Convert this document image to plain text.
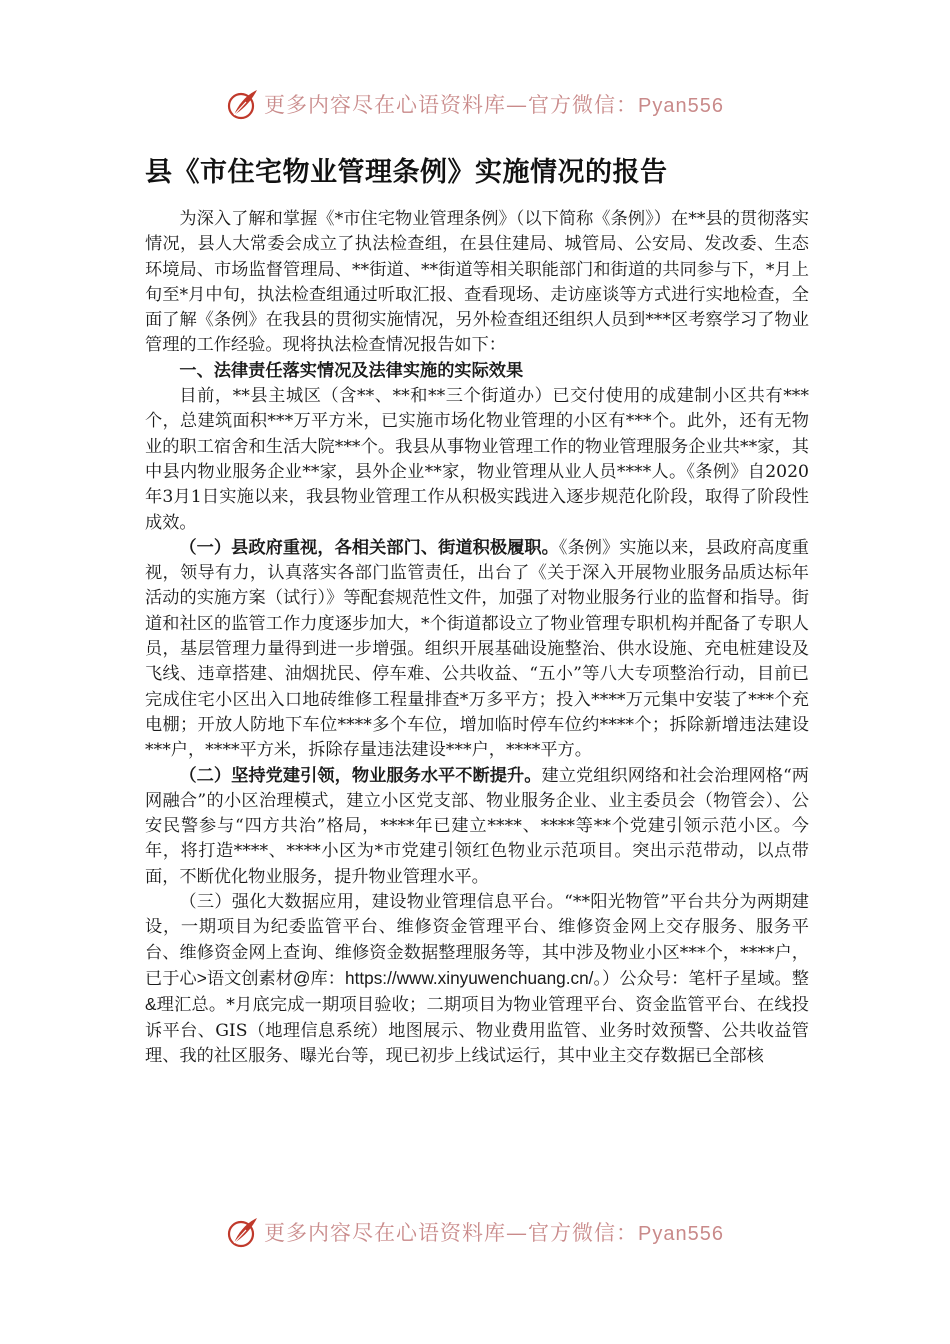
更多内容尽在心语资料库—官方微信：Pyan556
县《市住宅物业管理条例》实施情况的报告

为深入了解和掌握《*市住宅物业管理条例》（以下简称《条例》）在**县的贯彻落实情况，县人大常委会成立了执法检查组，在县住建局、城管局、公安局、发改委、生态环境局、市场监督管理局、**街道、**街道等相关职能部门和街道的共同参与下，*月上旬至*月中旬，执法检查组通过听取汇报、查看现场、走访座谈等方式进行实地检查，全面了解《条例》在我县的贯彻实施情况，另外检查组还组织人员到***区考察学习了物业管理的工作经验。现将执法检查情况报告如下：

一、法律责任落实情况及法律实施的实际效果

目前，**县主城区（含**、**和**三个街道办）已交付使用的成建制小区共有***个，总建筑面积***万平方米，已实施市场化物业管理的小区有***个。此外，还有无物业的职工宿舍和生活大院***个。我县从事物业管理工作的物业管理服务企业共**家，其中县内物业服务企业**家，县外企业**家，物业管理从业人员****人。《条例》自2020年3月1日实施以来，我县物业管理工作从积极实践进入逐步规范化阶段，取得了阶段性成效。

（一）县政府重视，各相关部门、街道积极履职。《条例》实施以来，县政府高度重视，领导有力，认真落实各部门监管责任，出台了《关于深入开展物业服务品质达标年活动的实施方案（试行）》等配套规范性文件，加强了对物业服务行业的监督和指导。街道和社区的监管工作力度逐步加大，*个街道都设立了物业管理专职机构并配备了专职人员，基层管理力量得到进一步增强。组织开展基础设施整治、供水设施、充电桩建设及飞线、违章搭建、油烟扰民、停车难、公共收益、“五小”等八大专项整治行动，目前已完成住宅小区出入口地砖维修工程量排查*万多平方；投入****万元集中安装了***个充电棚；开放人防地下车位****多个车位，增加临时停车位约****个；拆除新增违法建设***户，****平方米，拆除存量违法建设***户，****平方。

（二）坚持党建引领，物业服务水平不断提升。建立党组织网络和社会治理网格“两网融合”的小区治理模式，建立小区党支部、物业服务企业、业主委员会（物管会）、公安民警参与“四方共治”格局，****年已建立****、****等**个党建引领示范小区。今年，将打造****、****小区为*市党建引领红色物业示范项目。突出示范带动，以点带面，不断优化物业服务，提升物业管理水平。

（三）强化大数据应用，建设物业管理信息平台。“**阳光物管”平台共分为两期建设，一期项目为纪委监管平台、维修资金管理平台、维修资金网上交存服务、服务平台、维修资金网上查询、维修资金数据整理服务等，其中涉及物业小区***个，****户，已于心>语文创素材@库：https://www.xinyuwenchuang.cn/。）公众号：笔杆子星域。整&理汇总。*月底完成一期项目验收；二期项目为物业管理平台、资金监管平台、在线投诉平台、GIS（地理信息系统）地图展示、物业费用监管、业务时效预警、公共收益管理、我的社区服务、曝光台等，现已初步上线试运行，其中业主交存数据已全部核

更多内容尽在心语资料库—官方微信：Pyan556
